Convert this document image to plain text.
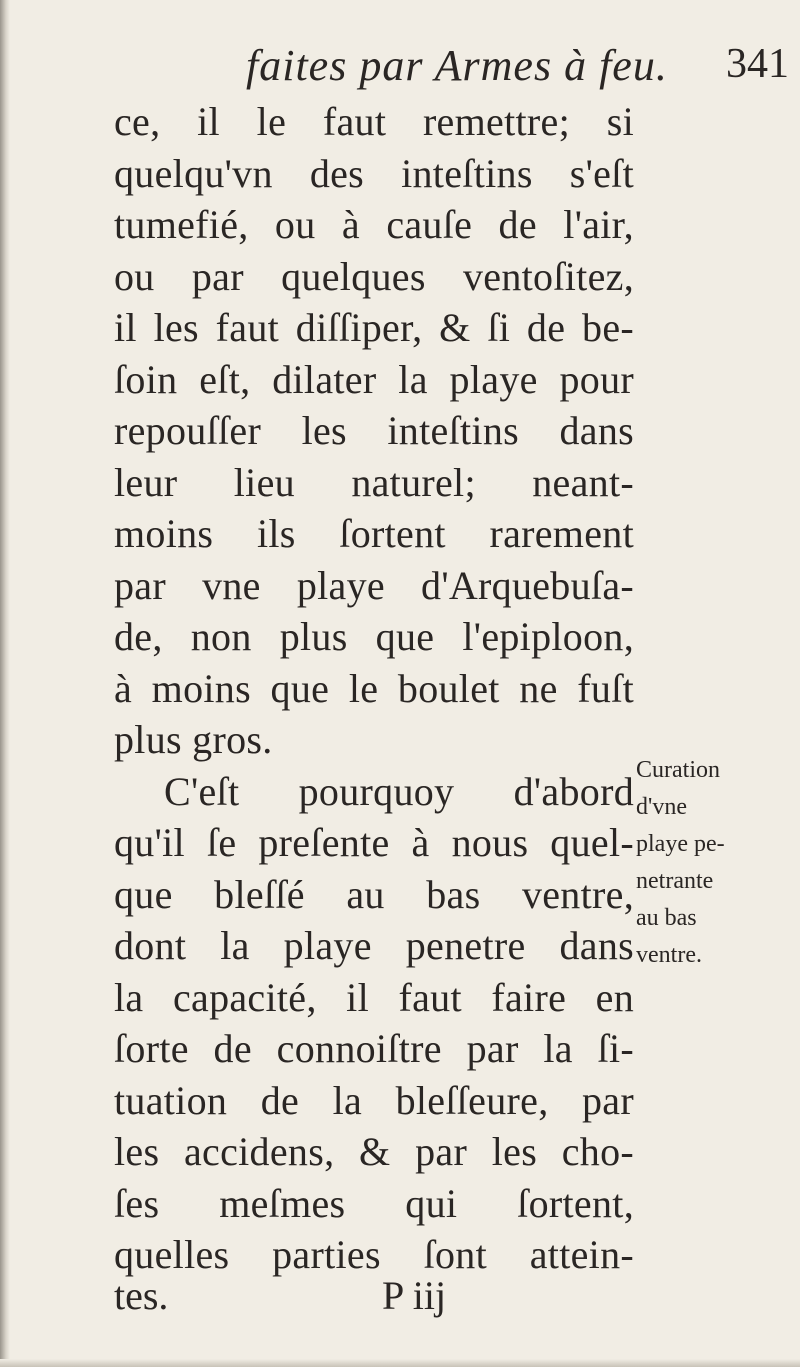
faites par Armes à feu. 341
ce, il le faut remettre; si
quelqu'vn des inteſtins s'eſt
tumefié, ou à cauſe de l'air,
ou par quelques ventoſitez,
il les faut diſſiper, & ſi de be-
ſoin eſt, dilater la playe pour
repouſſer les inteſtins dans
leur lieu naturel; neant-
moins ils ſortent rarement
par vne playe d'Arquebuſa-
de, non plus que l'epiploon,
à moins que le boulet ne fuſt
plus gros.
C'eſt pourquoy d'abord
qu'il ſe preſente à nous quel-
que bleſſé au bas ventre,
dont la playe penetre dans
la capacité, il faut faire en
ſorte de connoiſtre par la ſi-
tuation de la bleſſeure, par
les accidens, & par les cho-
ſes meſmes qui ſortent,
quelles parties ſont attein-
Curation
d'vne
playe pe-
netrante
au bas
ventre.
tes.	P iij
